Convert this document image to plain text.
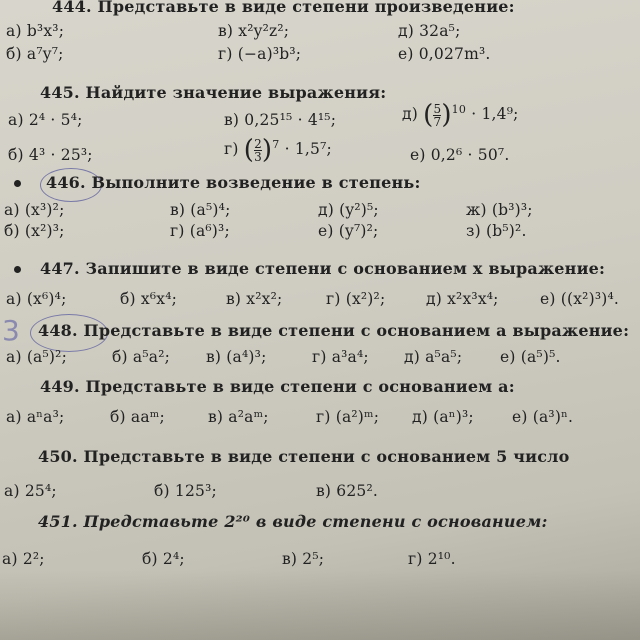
444. Представьте в виде степени произведение:
а) b³x³;	в) x²y²z²;	д) 32a⁵;
б) a⁷y⁷;	г) (−a)³b³;	е) 0,027m³.
445. Найдите значение выражения:
а) 2⁴ · 5⁴;	в) 0,25¹⁵ · 4¹⁵;	д) ( $\frac{5}{7} )^{10} \cdot 1,4^9$;
б) 4³ · 25³;	г) ( $\frac{2}{3} )^7 \cdot 1,5^7$;	е) 0,2⁶ · 50⁷.
446. Выполните возведение в степень:
а) (x³)²;	в) (a⁵)⁴;	д) (y²)⁵;	ж) (b³)³;
б) (x²)³;	г) (a⁶)³;	е) (y⁷)²;	з) (b⁵)².
447. Запишите в виде степени с основанием x выражение:
а) (x⁶)⁴;	б) x⁶x⁴;	в) x²x²;	г) (x²)²;	д) x²x³x⁴;	е) ((x²)³)⁴.
3 448. Представьте в виде степени с основанием a выражение:
а) (a⁵)²;	б) a⁵a²; в) (a⁴)³;	г) a³a⁴; д) a⁵a⁵; е) (a⁵)⁵.
449. Представьте в виде степени с основанием a:
а) aⁿa³;	б) aaᵐ;	в) a²aᵐ;	г) (a²)ᵐ; д) (aⁿ)³; е) (a³)ⁿ.
450. Представьте в виде степени с основанием 5 число
а) 25⁴;	б) 125³;	в) 625².
451. Представьте 2²⁰ в виде степени с основанием:
а) 2²;	б) 2⁴;	в) 2⁵;	г) 2¹⁰.
